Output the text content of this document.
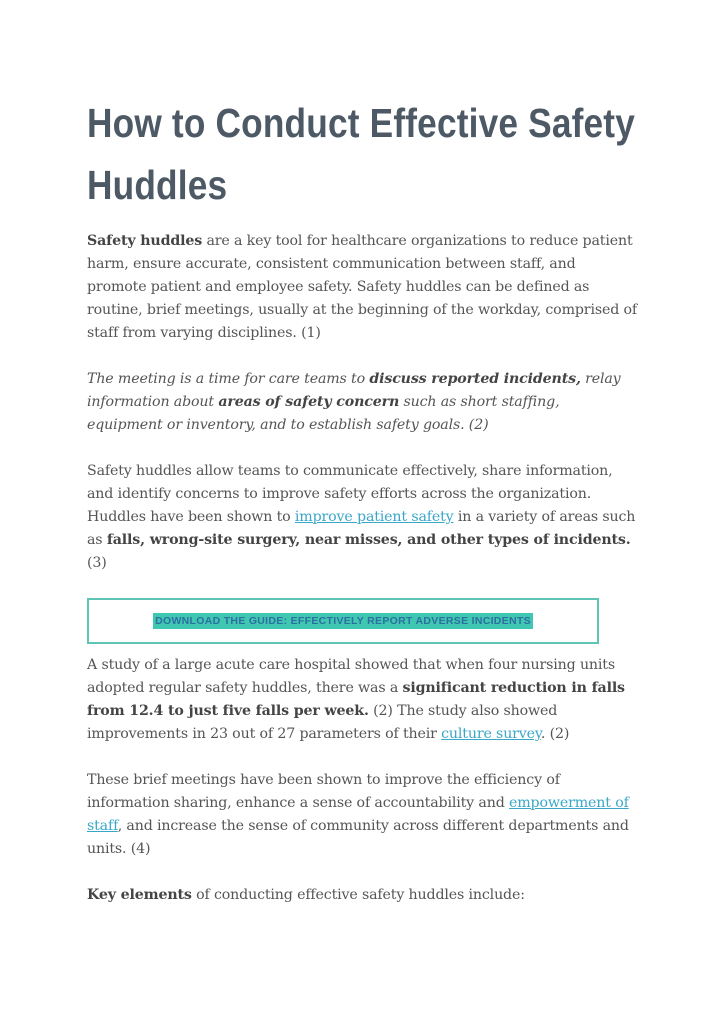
How to Conduct Effective Safety Huddles

Safety huddles are a key tool for healthcare organizations to reduce patient harm, ensure accurate, consistent communication between staff, and promote patient and employee safety. Safety huddles can be defined as routine, brief meetings, usually at the beginning of the workday, comprised of staff from varying disciplines. (1)

The meeting is a time for care teams to discuss reported incidents, relay information about areas of safety concern such as short staffing, equipment or inventory, and to establish safety goals. (2)

Safety huddles allow teams to communicate effectively, share information, and identify concerns to improve safety efforts across the organization. Huddles have been shown to improve patient safety in a variety of areas such as falls, wrong-site surgery, near misses, and other types of incidents. (3)

DOWNLOAD THE GUIDE: EFFECTIVELY REPORT ADVERSE INCIDENTS

A study of a large acute care hospital showed that when four nursing units adopted regular safety huddles, there was a significant reduction in falls from 12.4 to just five falls per week. (2) The study also showed improvements in 23 out of 27 parameters of their culture survey. (2)

These brief meetings have been shown to improve the efficiency of information sharing, enhance a sense of accountability and empowerment of staff, and increase the sense of community across different departments and units. (4)

Key elements of conducting effective safety huddles include:
